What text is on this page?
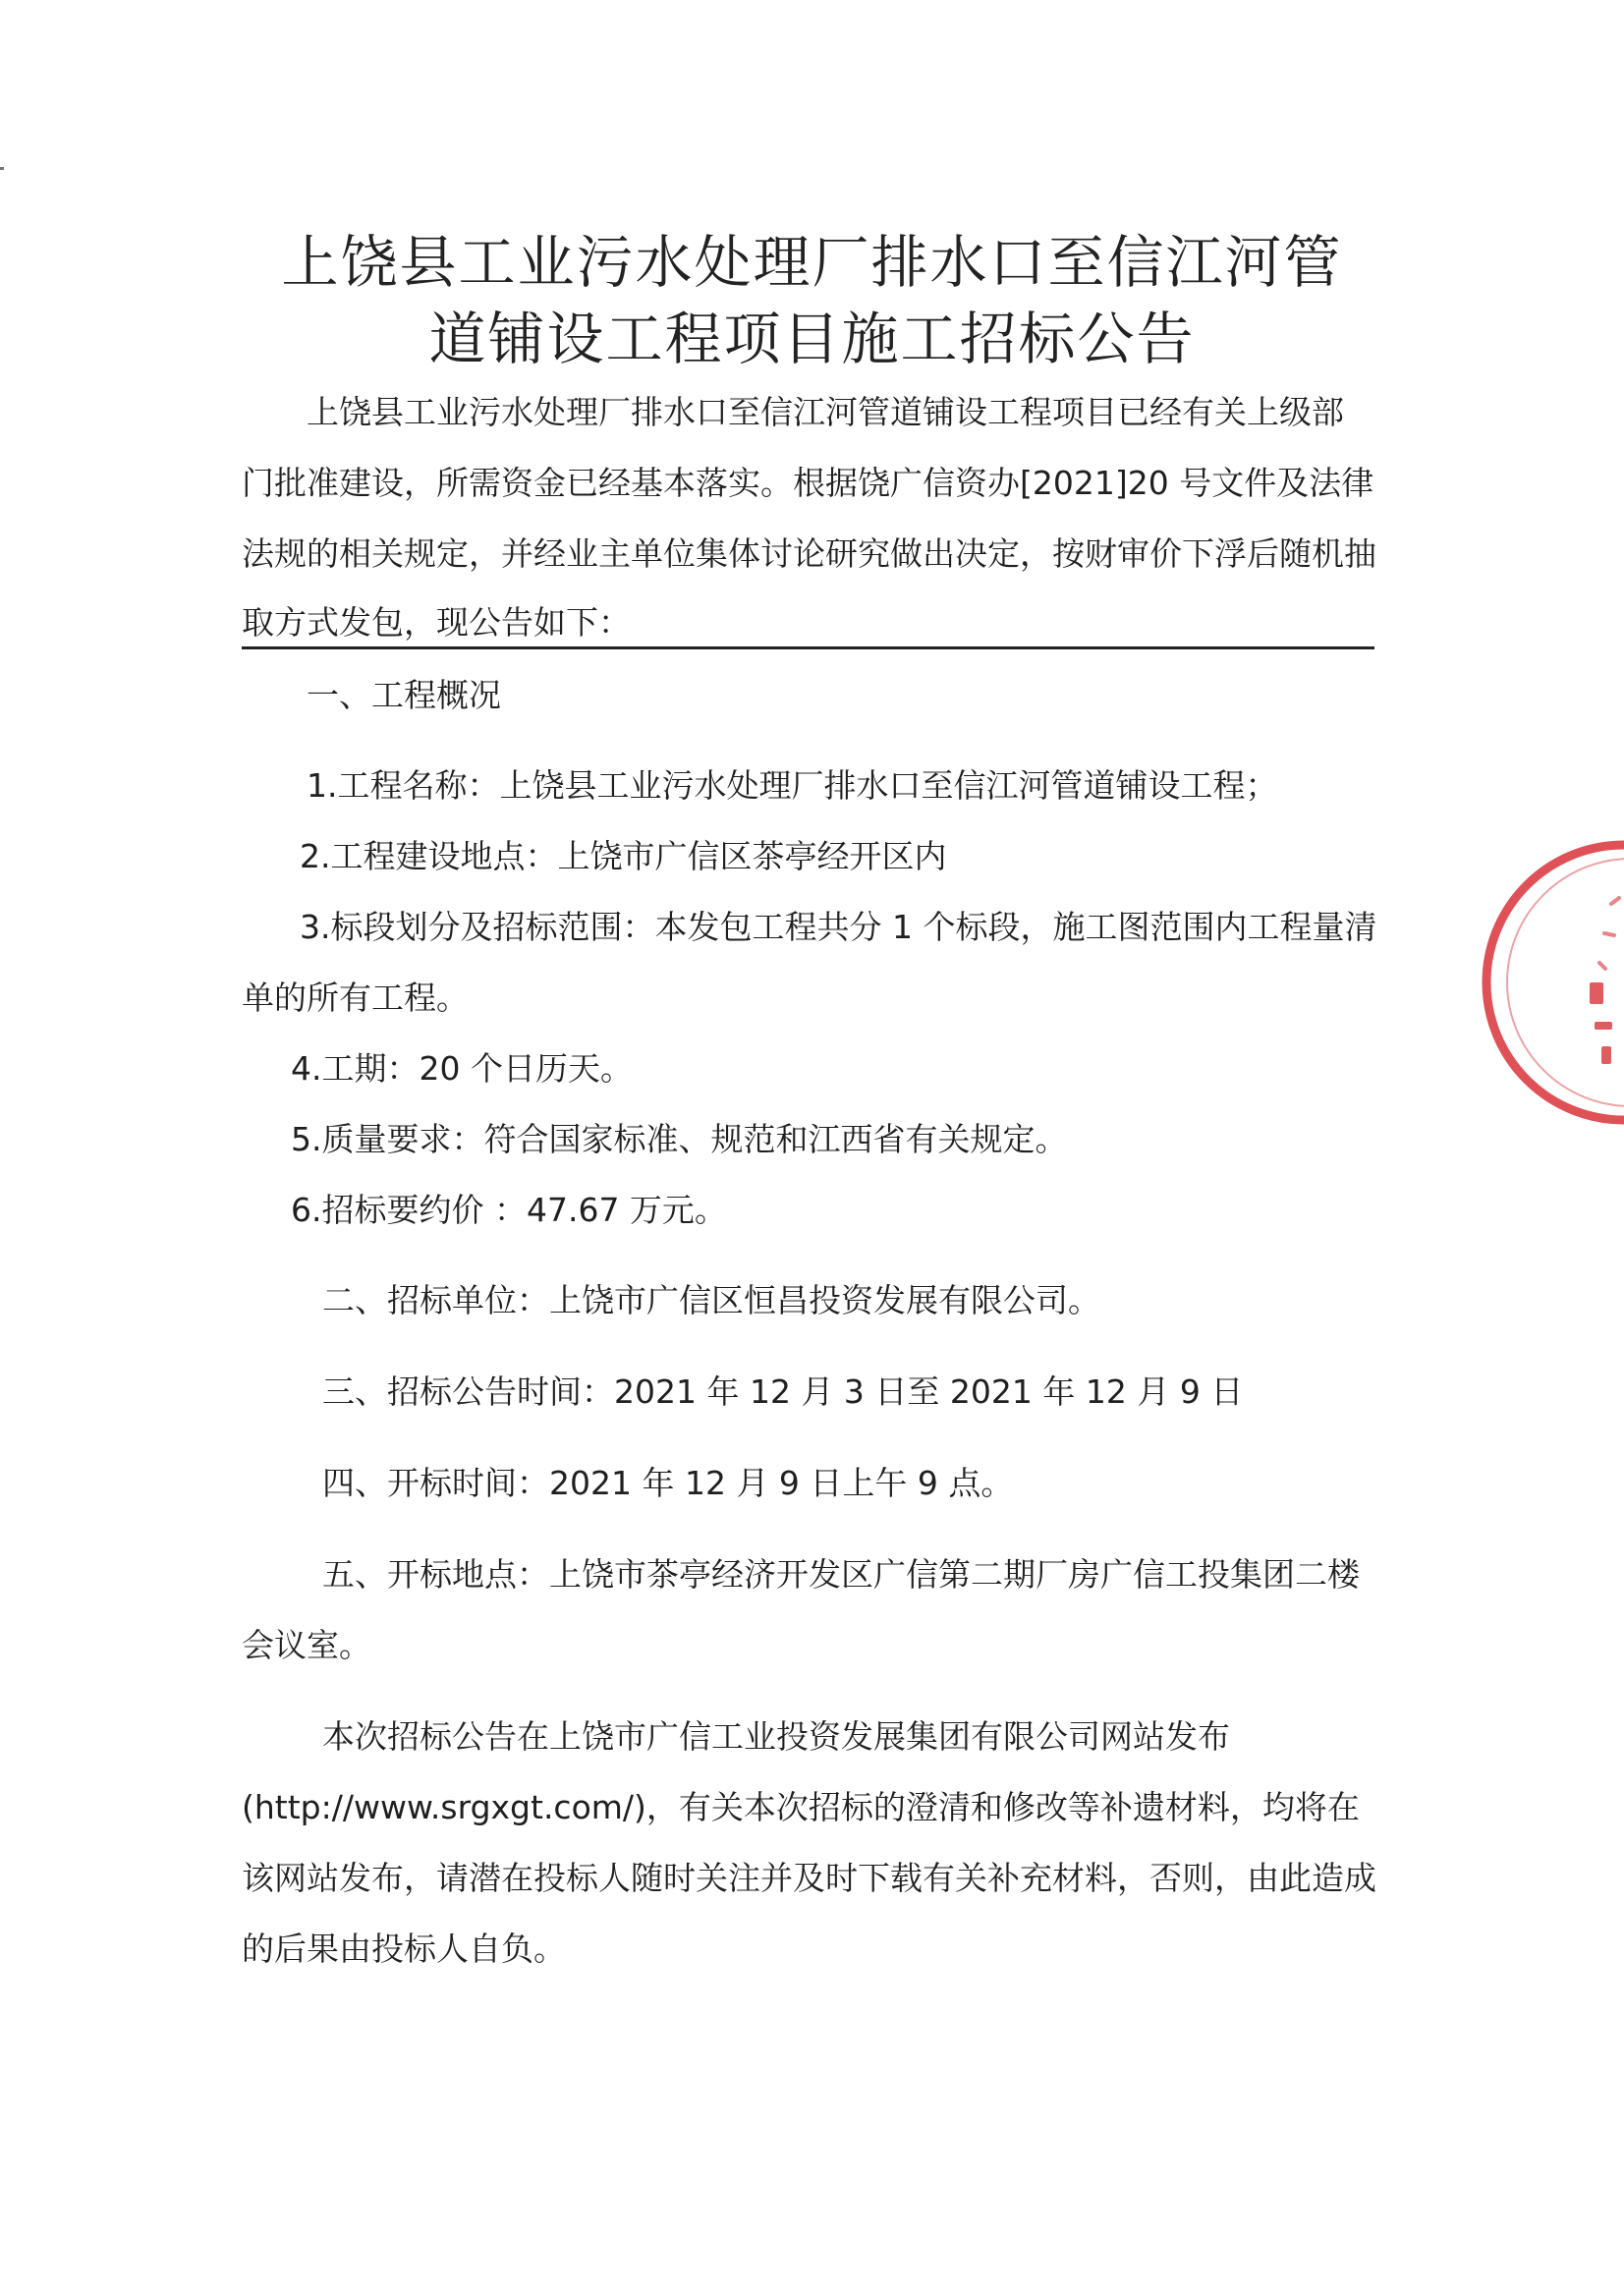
上饶县工业污水处理厂排水口至信江河管
道铺设工程项目施工招标公告
上饶县工业污水处理厂排水口至信江河管道铺设工程项目已经有关上级部
门批准建设，所需资金已经基本落实。根据饶广信资办[2021]20 号文件及法律
法规的相关规定，并经业主单位集体讨论研究做出决定，按财审价下浮后随机抽
取方式发包，现公告如下：
一、工程概况
1.工程名称：上饶县工业污水处理厂排水口至信江河管道铺设工程；
2.工程建设地点：上饶市广信区茶亭经开区内
3.标段划分及招标范围：本发包工程共分 1 个标段，施工图范围内工程量清
单的所有工程。
4.工期：20 个日历天。
5.质量要求：符合国家标准、规范和江西省有关规定。
6.招标要约价 ：47.67 万元。
二、招标单位：上饶市广信区恒昌投资发展有限公司。
三、招标公告时间：2021 年 12 月 3 日至 2021 年 12 月 9 日
四、开标时间：2021 年 12 月 9 日上午 9 点。
五、开标地点：上饶市茶亭经济开发区广信第二期厂房广信工投集团二楼
会议室。
本次招标公告在上饶市广信工业投资发展集团有限公司网站发布
(http://www.srgxgt.com/)，有关本次招标的澄清和修改等补遗材料，均将在
该网站发布，请潜在投标人随时关注并及时下载有关补充材料，否则，由此造成
的后果由投标人自负。
